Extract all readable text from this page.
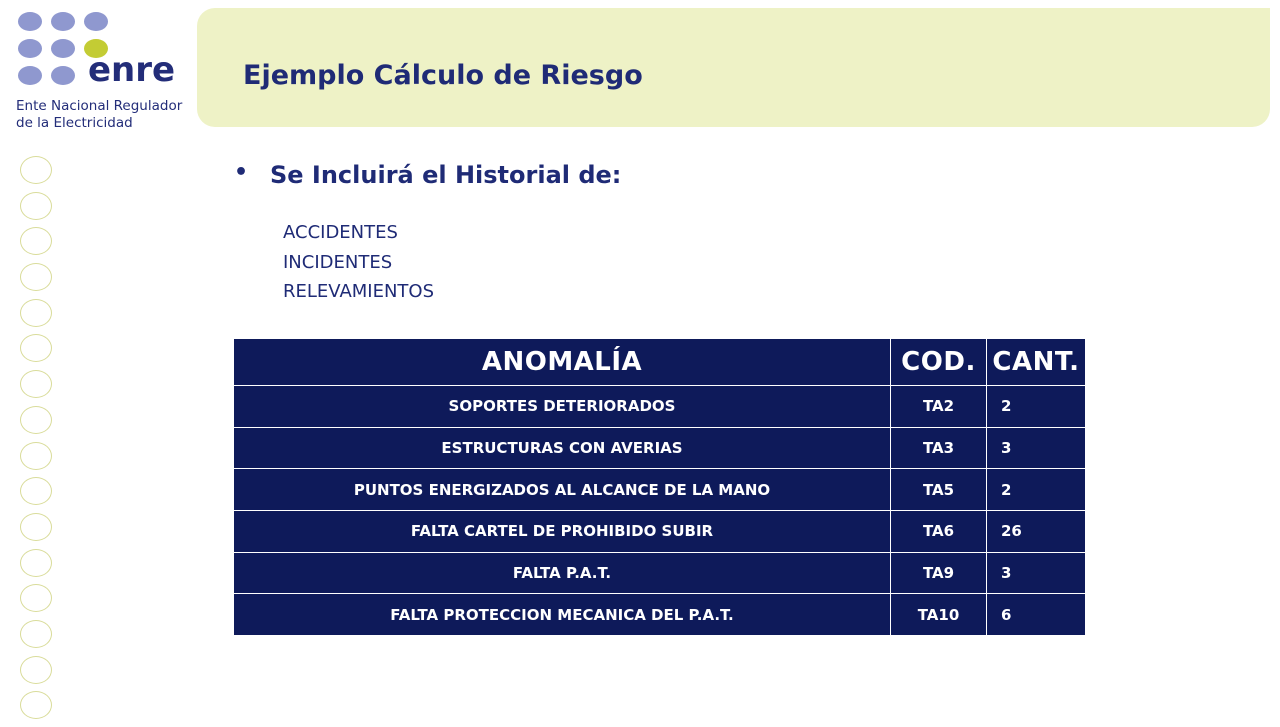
enre
Ente Nacional Regulador
de la Electricidad
Ejemplo Cálculo de Riesgo
• Se Incluirá el Historial de:
ACCIDENTES
INCIDENTES
RELEVAMIENTOS
ANOMALÍA	COD.	CANT.
SOPORTES DETERIORADOS	TA2	2
ESTRUCTURAS CON AVERIAS	TA3	3
PUNTOS ENERGIZADOS AL ALCANCE DE LA MANO	TA5	2
FALTA CARTEL DE PROHIBIDO SUBIR	TA6	26
FALTA P.A.T.	TA9	3
FALTA PROTECCION MECANICA DEL P.A.T.	TA10	6
